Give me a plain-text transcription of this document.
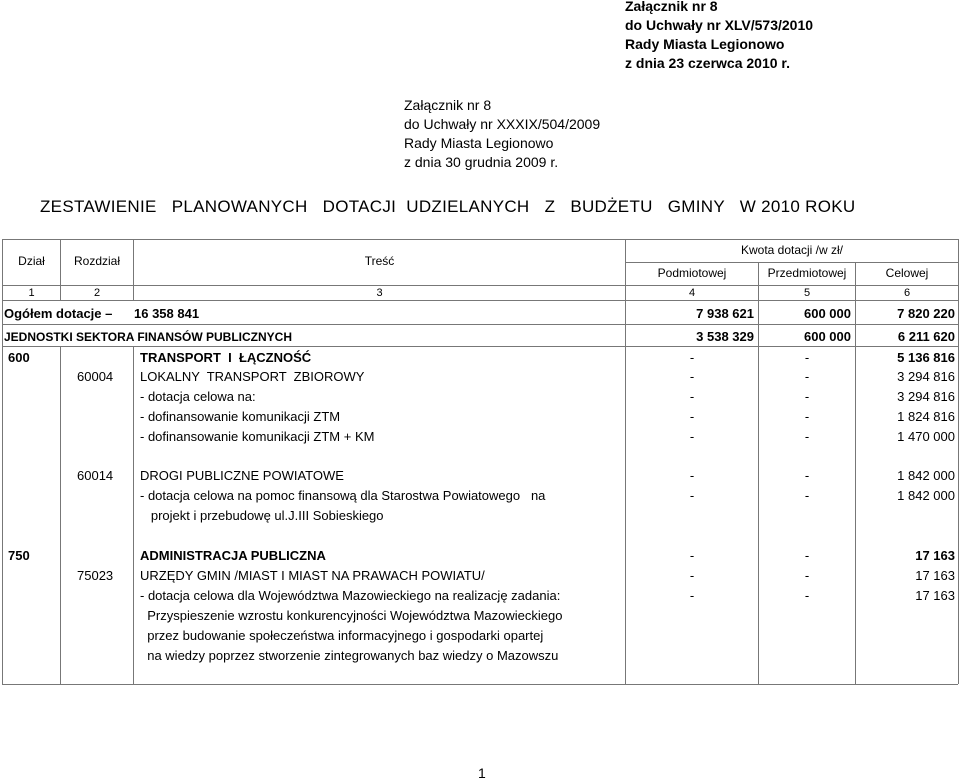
Załącznik nr 8
do Uchwały nr XLV/573/2010
Rady Miasta Legionowo
z dnia 23 czerwca 2010 r.
Załącznik nr 8
do Uchwały nr XXXIX/504/2009
Rady Miasta Legionowo
z dnia 30 grudnia 2009 r.
ZESTAWIENIE   PLANOWANYCH   DOTACJI  UDZIELANYCH   Z   BUDŻETU   GMINY   W 2010 ROKU
Dział	Rozdział	Treść
Kwota dotacji /w zł/
Podmiotowej	Przedmiotowej	Celowej
1	2	3	4	5	6
Ogółem dotacje – 16 358 841	7 938 621	600 000	7 820 220
JEDNOSTKI SEKTORA FINANSÓW PUBLICZNYCH	3 538 329	600 000	6 211 620
600	TRANSPORT  I  ŁĄCZNOŚĆ	-	-	5 136 816
60004 LOKALNY  TRANSPORT  ZBIOROWY	-	-	3 294 816
- dotacja celowa na:	-	-	3 294 816
- dofinansowanie komunikacji ZTM	-	-	1 824 816
- dofinansowanie komunikacji ZTM + KM	-	-	1 470 000
60014 DROGI PUBLICZNE POWIATOWE	-	-	1 842 000
- dotacja celowa na pomoc finansową dla Starostwa Powiatowego   na	-	-	1 842 000
projekt i przebudowę ul.J.III Sobieskiego
750	ADMINISTRACJA PUBLICZNA	-	-	17 163
75023 URZĘDY GMIN /MIAST I MIAST NA PRAWACH POWIATU/	-	-	17 163
- dotacja celowa dla Województwa Mazowieckiego na realizację zadania:	-	-	17 163
Przyspieszenie wzrostu konkurencyjności Województwa Mazowieckiego
przez budowanie społeczeństwa informacyjnego i gospodarki opartej
na wiedzy poprzez stworzenie zintegrowanych baz wiedzy o Mazowszu
1
